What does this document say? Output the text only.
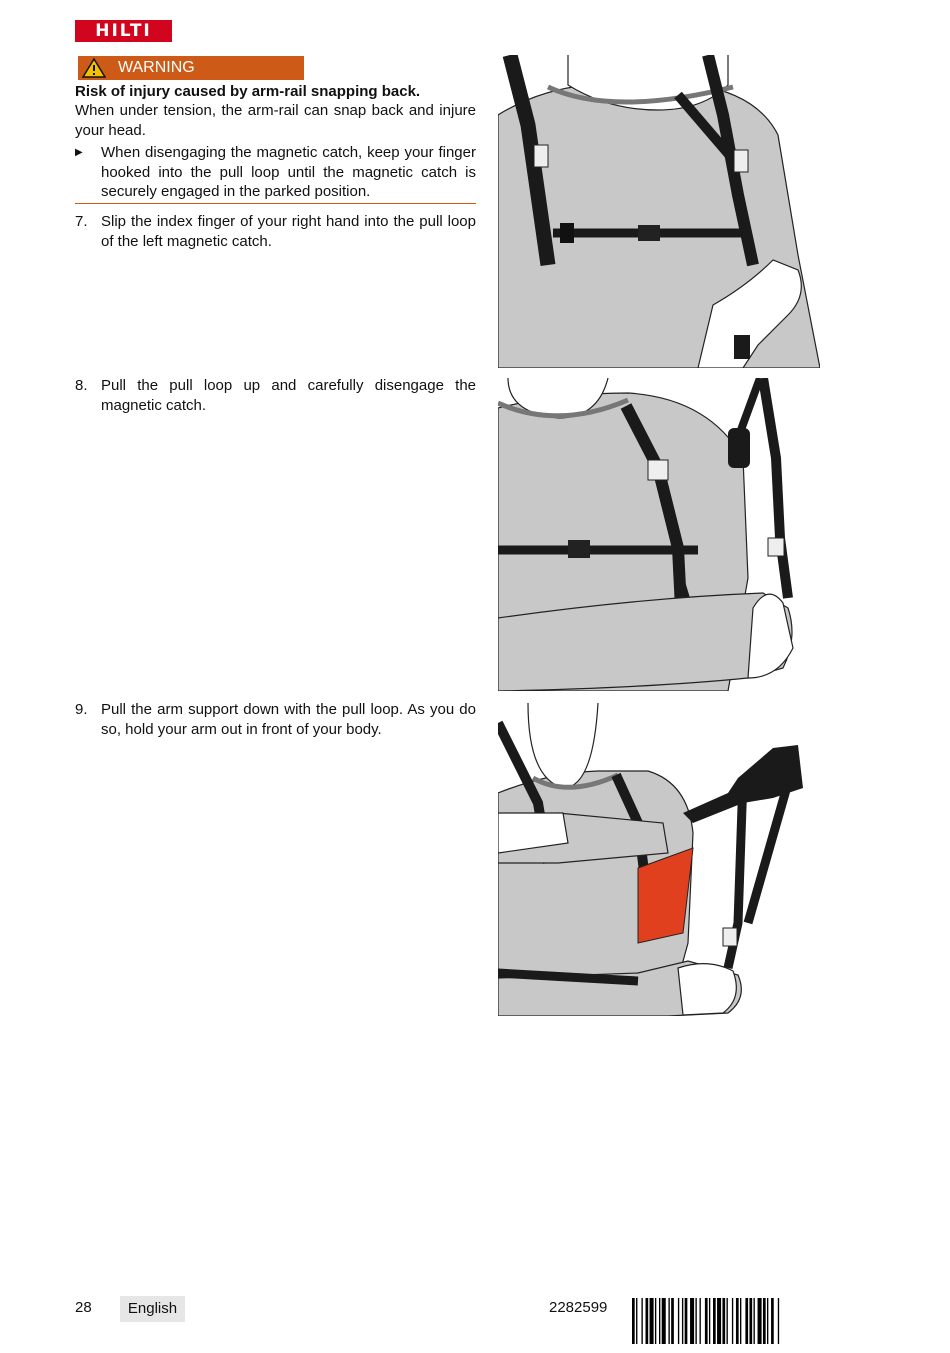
HILTI
WARNING
Risk of injury caused by arm-rail snapping back.
When under tension, the arm-rail can snap back and injure your head.
▶ When disengaging the magnetic catch, keep your finger hooked into the pull loop until the magnetic catch is securely engaged in the parked position.
7. Slip the index finger of your right hand into the pull loop of the left magnetic catch.
8. Pull the pull loop up and carefully disengage the magnetic catch.
9. Pull the arm support down with the pull loop. As you do so, hold your arm out in front of your body.
28	English	2282599
